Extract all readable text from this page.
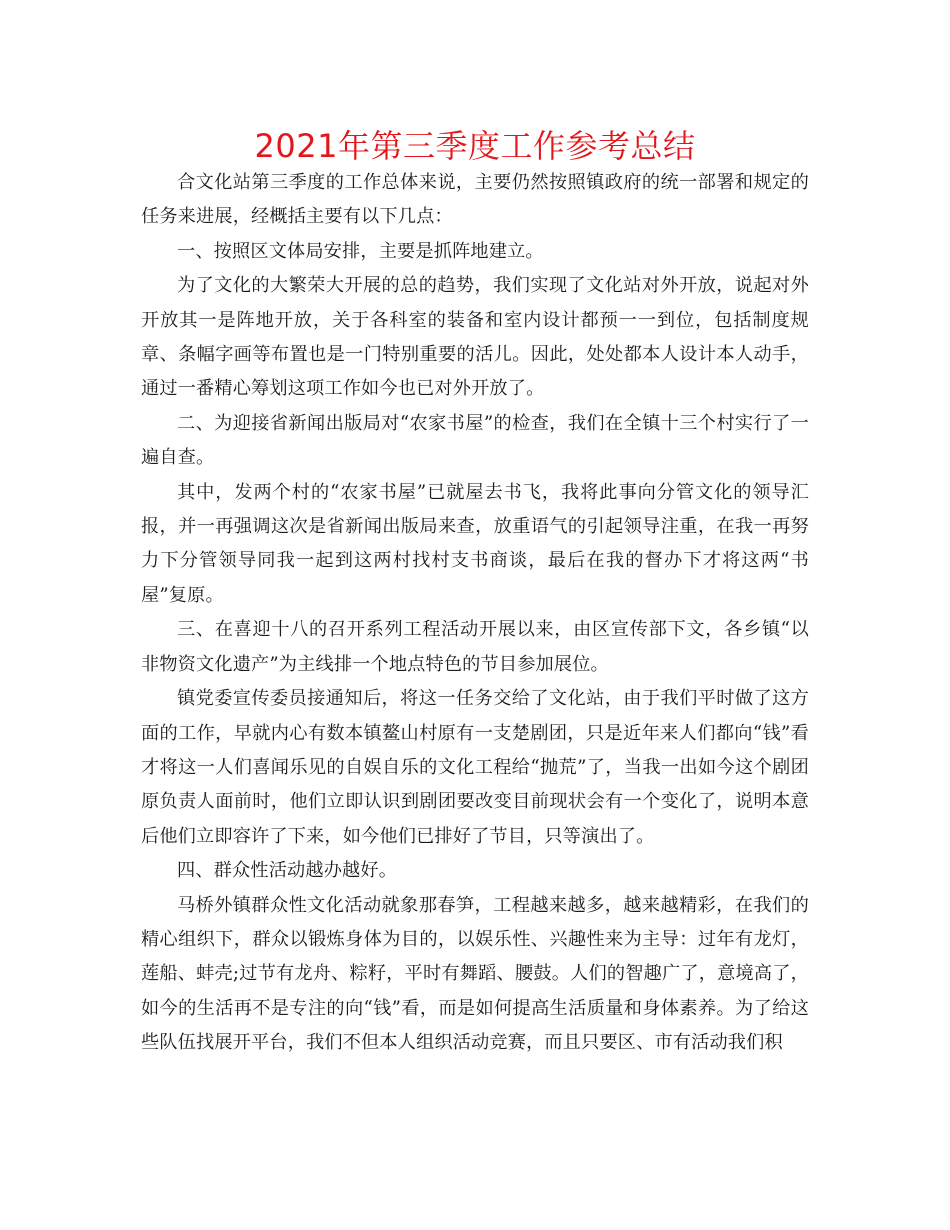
2021年第三季度工作参考总结

合文化站第三季度的工作总体来说，主要仍然按照镇政府的统一部署和规定的任务来进展，经概括主要有以下几点：

一、按照区文体局安排，主要是抓阵地建立。

为了文化的大繁荣大开展的总的趋势，我们实现了文化站对外开放，说起对外开放其一是阵地开放，关于各科室的装备和室内设计都预一一到位，包括制度规章、条幅字画等布置也是一门特别重要的活儿。因此，处处都本人设计本人动手，通过一番精心筹划这项工作如今也已对外开放了。

二、为迎接省新闻出版局对“农家书屋”的检查，我们在全镇十三个村实行了一遍自查。

其中，发两个村的“农家书屋”已就屋去书飞，我将此事向分管文化的领导汇报，并一再强调这次是省新闻出版局来查，放重语气的引起领导注重，在我一再努力下分管领导同我一起到这两村找村支书商谈，最后在我的督办下才将这两“书屋”复原。

三、在喜迎十八的召开系列工程活动开展以来，由区宣传部下文，各乡镇“以非物资文化遗产”为主线排一个地点特色的节目参加展位。

镇党委宣传委员接通知后，将这一任务交给了文化站，由于我们平时做了这方面的工作，早就内心有数本镇鳌山村原有一支楚剧团，只是近年来人们都向“钱”看才将这一人们喜闻乐见的自娱自乐的文化工程给“抛荒”了，当我一出如今这个剧团原负责人面前时，他们立即认识到剧团要改变目前现状会有一个变化了，说明本意后他们立即容许了下来，如今他们已排好了节目，只等演出了。

四、群众性活动越办越好。

马桥外镇群众性文化活动就象那春笋，工程越来越多，越来越精彩，在我们的精心组织下，群众以锻炼身体为目的，以娱乐性、兴趣性来为主导：过年有龙灯，莲船、蚌壳;过节有龙舟、粽籽，平时有舞蹈、腰鼓。人们的智趣广了，意境高了，如今的生活再不是专注的向“钱”看，而是如何提高生活质量和身体素养。为了给这些队伍找展开平台，我们不但本人组织活动竞赛，而且只要区、市有活动我们积
